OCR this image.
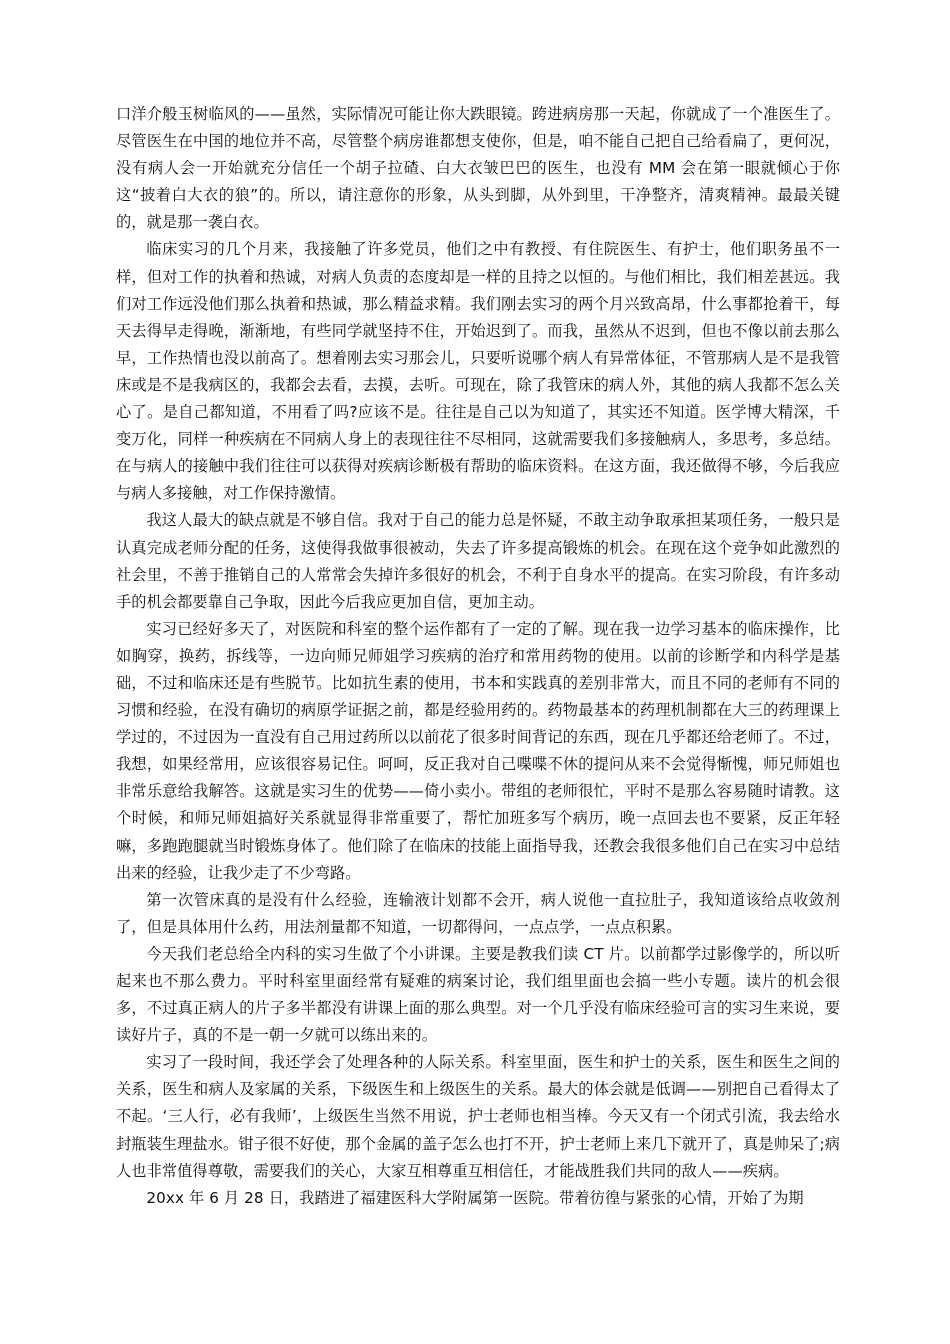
口洋介般玉树临风的——虽然，实际情况可能让你大跌眼镜。跨进病房那一天起，你就成了一个准医生了。尽管医生在中国的地位并不高，尽管整个病房谁都想支使你，但是，咱不能自己把自己给看扁了，更何况，没有病人会一开始就充分信任一个胡子拉碴、白大衣皱巴巴的医生，也没有 MM 会在第一眼就倾心于你这“披着白大衣的狼”的。所以，请注意你的形象，从头到脚，从外到里，干净整齐，清爽精神。最最关键的，就是那一袭白衣。

临床实习的几个月来，我接触了许多党员，他们之中有教授、有住院医生、有护士，他们职务虽不一样，但对工作的执着和热诚，对病人负责的态度却是一样的且持之以恒的。与他们相比，我们相差甚远。我们对工作远没他们那么执着和热诚，那么精益求精。我们刚去实习的两个月兴致高昂，什么事都抢着干，每天去得早走得晚，渐渐地，有些同学就坚持不住，开始迟到了。而我，虽然从不迟到，但也不像以前去那么早，工作热情也没以前高了。想着刚去实习那会儿，只要听说哪个病人有异常体征，不管那病人是不是我管床或是不是我病区的，我都会去看，去摸，去听。可现在，除了我管床的病人外，其他的病人我都不怎么关心了。是自己都知道，不用看了吗?应该不是。往往是自己以为知道了，其实还不知道。医学博大精深，千变万化，同样一种疾病在不同病人身上的表现往往不尽相同，这就需要我们多接触病人，多思考，多总结。在与病人的接触中我们往往可以获得对疾病诊断极有帮助的临床资料。在这方面，我还做得不够，今后我应与病人多接触，对工作保持激情。

我这人最大的缺点就是不够自信。我对于自己的能力总是怀疑，不敢主动争取承担某项任务，一般只是认真完成老师分配的任务，这使得我做事很被动，失去了许多提高锻炼的机会。在现在这个竞争如此激烈的社会里，不善于推销自己的人常常会失掉许多很好的机会，不利于自身水平的提高。在实习阶段，有许多动手的机会都要靠自己争取，因此今后我应更加自信，更加主动。

实习已经好多天了，对医院和科室的整个运作都有了一定的了解。现在我一边学习基本的临床操作，比如胸穿，换药，拆线等，一边向师兄师姐学习疾病的治疗和常用药物的使用。以前的诊断学和内科学是基础，不过和临床还是有些脱节。比如抗生素的使用，书本和实践真的差别非常大，而且不同的老师有不同的习惯和经验，在没有确切的病原学证据之前，都是经验用药的。药物最基本的药理机制都在大三的药理课上学过的，不过因为一直没有自己用过药所以以前花了很多时间背记的东西，现在几乎都还给老师了。不过，我想，如果经常用，应该很容易记住。呵呵，反正我对自己喋喋不休的提问从来不会觉得惭愧，师兄师姐也非常乐意给我解答。这就是实习生的优势——倚小卖小。带组的老师很忙，平时不是那么容易随时请教。这个时候，和师兄师姐搞好关系就显得非常重要了，帮忙加班多写个病历，晚一点回去也不要紧，反正年轻嘛，多跑跑腿就当时锻炼身体了。他们除了在临床的技能上面指导我，还教会我很多他们自己在实习中总结出来的经验，让我少走了不少弯路。

第一次管床真的是没有什么经验，连输液计划都不会开，病人说他一直拉肚子，我知道该给点收敛剂了，但是具体用什么药，用法剂量都不知道，一切都得问，一点点学，一点点积累。

今天我们老总给全内科的实习生做了个小讲课。主要是教我们读 CT 片。以前都学过影像学的，所以听起来也不那么费力。平时科室里面经常有疑难的病案讨论，我们组里面也会搞一些小专题。读片的机会很多，不过真正病人的片子多半都没有讲课上面的那么典型。对一个几乎没有临床经验可言的实习生来说，要读好片子，真的不是一朝一夕就可以练出来的。

实习了一段时间，我还学会了处理各种的人际关系。科室里面，医生和护士的关系，医生和医生之间的关系，医生和病人及家属的关系，下级医生和上级医生的关系。最大的体会就是低调——别把自己看得太了不起。‘三人行，必有我师’，上级医生当然不用说，护士老师也相当棒。今天又有一个闭式引流，我去给水封瓶装生理盐水。钳子很不好使，那个金属的盖子怎么也打不开，护士老师上来几下就开了，真是帅呆了;病人也非常值得尊敬，需要我们的关心，大家互相尊重互相信任，才能战胜我们共同的敌人——疾病。

20xx 年 6 月 28 日，我踏进了福建医科大学附属第一医院。带着彷徨与紧张的心情，开始了为期
